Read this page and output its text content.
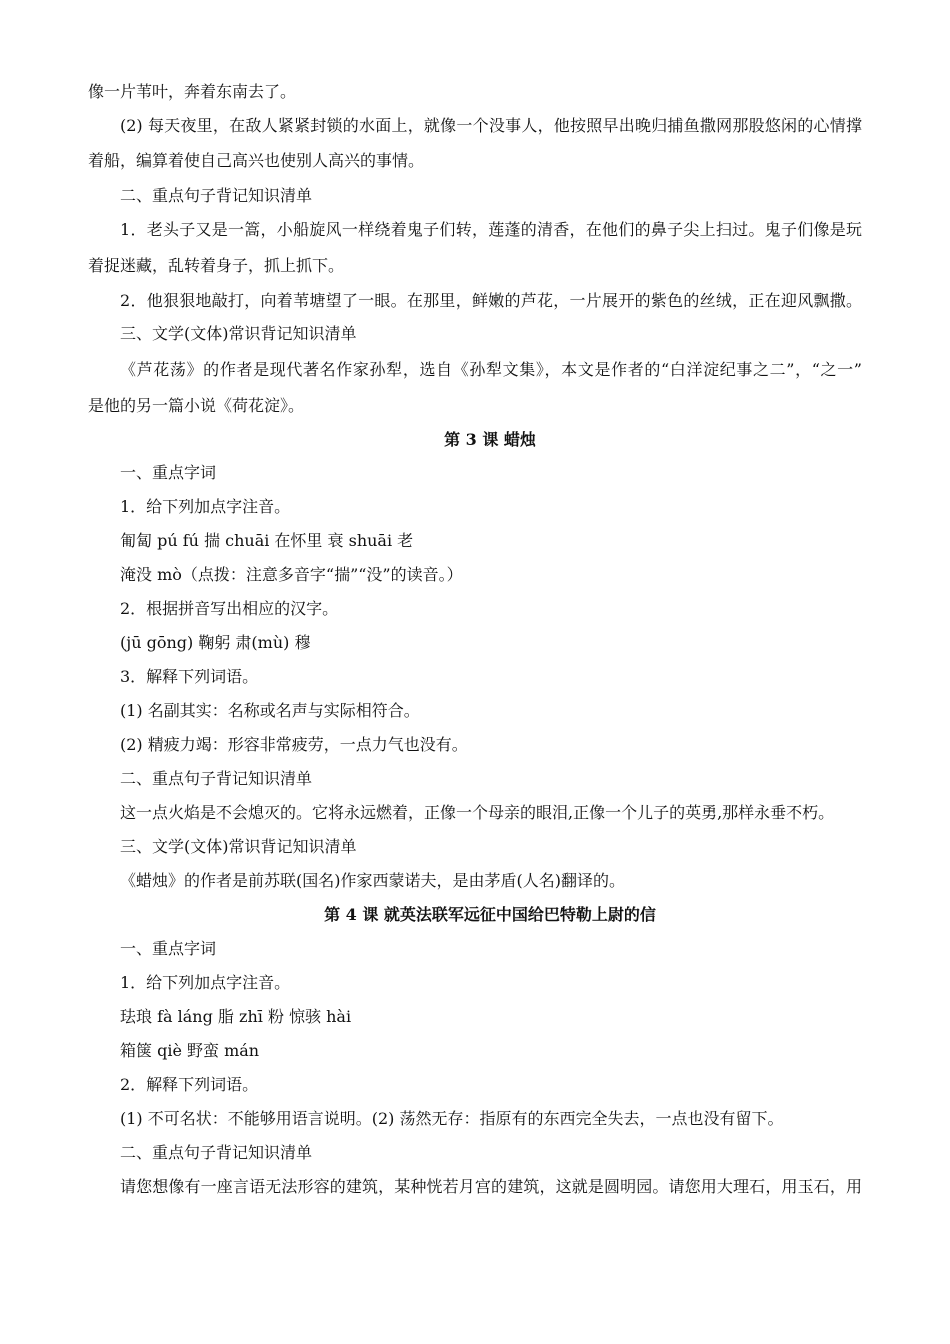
像一片苇叶，奔着东南去了。
(2) 每天夜里，在敌人紧紧封锁的水面上，就像一个没事人，他按照早出晚归捕鱼撒网那股悠闲的心情撑
着船，编算着使自己高兴也使别人高兴的事情。
二、重点句子背记知识清单
1．老头子又是一篙，小船旋风一样绕着鬼子们转，莲蓬的清香，在他们的鼻子尖上扫过。鬼子们像是玩
着捉迷藏，乱转着身子，抓上抓下。
2．他狠狠地敲打，向着苇塘望了一眼。在那里，鲜嫩的芦花，一片展开的紫色的丝绒，正在迎风飘撒。
三、文学(文体)常识背记知识清单
《芦花荡》的作者是现代著名作家孙犁，选自《孙犁文集》，本文是作者的“白洋淀纪事之二”，“之一”
是他的另一篇小说《荷花淀》。
第 3 课 蜡烛
一、重点字词
1．给下列加点字注音。
匍匐 pú fú 揣 chuāi 在怀里 衰 shuāi 老
淹没 mò（点拨：注意多音字“揣”“没”的读音。）
2．根据拼音写出相应的汉字。
(jū gōng) 鞠躬 肃(mù) 穆
3．解释下列词语。
(1) 名副其实：名称或名声与实际相符合。
(2) 精疲力竭：形容非常疲劳，一点力气也没有。
二、重点句子背记知识清单
这一点火焰是不会熄灭的。它将永远燃着，正像一个母亲的眼泪,正像一个儿子的英勇,那样永垂不朽。
三、文学(文体)常识背记知识清单
《蜡烛》的作者是前苏联(国名)作家西蒙诺夫，是由茅盾(人名)翻译的。
第 4 课 就英法联军远征中国给巴特勒上尉的信
一、重点字词
1．给下列加点字注音。
珐琅 fà láng 脂 zhī 粉 惊骇 hài
箱箧 qiè 野蛮 mán
2．解释下列词语。
(1) 不可名状：不能够用语言说明。(2) 荡然无存：指原有的东西完全失去，一点也没有留下。
二、重点句子背记知识清单
请您想像有一座言语无法形容的建筑，某种恍若月宫的建筑，这就是圆明园。请您用大理石，用玉石，用
